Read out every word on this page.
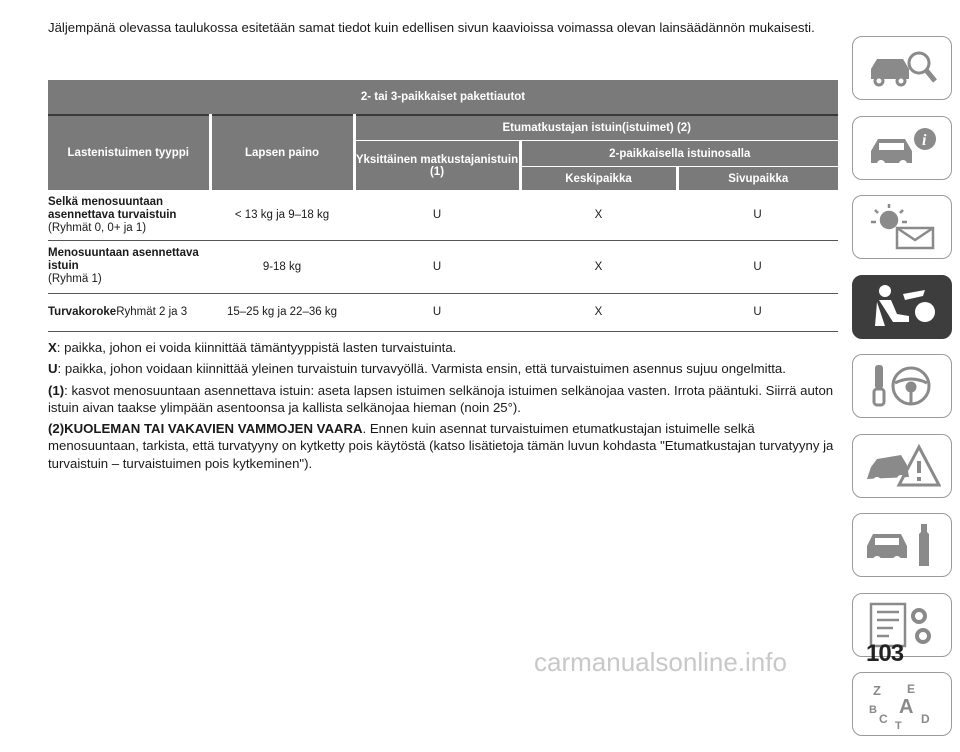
Jäljempänä olevassa taulukossa esitetään samat tiedot kuin edellisen sivun kaavioissa voimassa olevan lainsäädännön mukaisesti.

2- tai 3-paikkaiset pakettiautot				
Lastenistuimen tyyppi	Lapsen paino	Etumatkustajan istuin(istuimet) (2)		
		Yksittäinen matkustajanistuin (1)	2-paikkaisella istuinosalla	
			Keskipaikka	Sivupaikka
Selkä menosuuntaan asennettava turvaistuin
(Ryhmät 0, 0+ ja 1)	< 13 kg ja 9–18 kg	U	X	U
Menosuuntaan asennettava istuin
(Ryhmä 1)	9-18 kg	U	X	U
TurvakorokeRyhmät 2 ja 3	15–25 kg ja 22–36 kg	U	X	U

X: paikka, johon ei voida kiinnittää tämäntyyppistä lasten turvaistuinta.

U: paikka, johon voidaan kiinnittää yleinen turvaistuin turvavyöllä. Varmista ensin, että turvaistuimen asennus sujuu ongelmitta.

(1): kasvot menosuuntaan asennettava istuin: aseta lapsen istuimen selkänoja istuimen selkänojaa vasten. Irrota pääntuki. Siirrä auton istuin aivan taakse ylimpään asentoonsa ja kallista selkänojaa hieman (noin 25°).

(2)KUOLEMAN TAI VAKAVIEN VAMMOJEN VAARA. Ennen kuin asennat turvaistuimen etumatkustajan istuimelle selkä menosuuntaan, tarkista, että turvatyyny on kytketty pois käytöstä (katso lisätietoja tämän luvun kohdasta "Etumatkustajan turvatyyny ja turvaistuin – turvaistuimen pois kytkeminen").

i
Z E
B A
C	D
T
103
carmanualsonline.info
